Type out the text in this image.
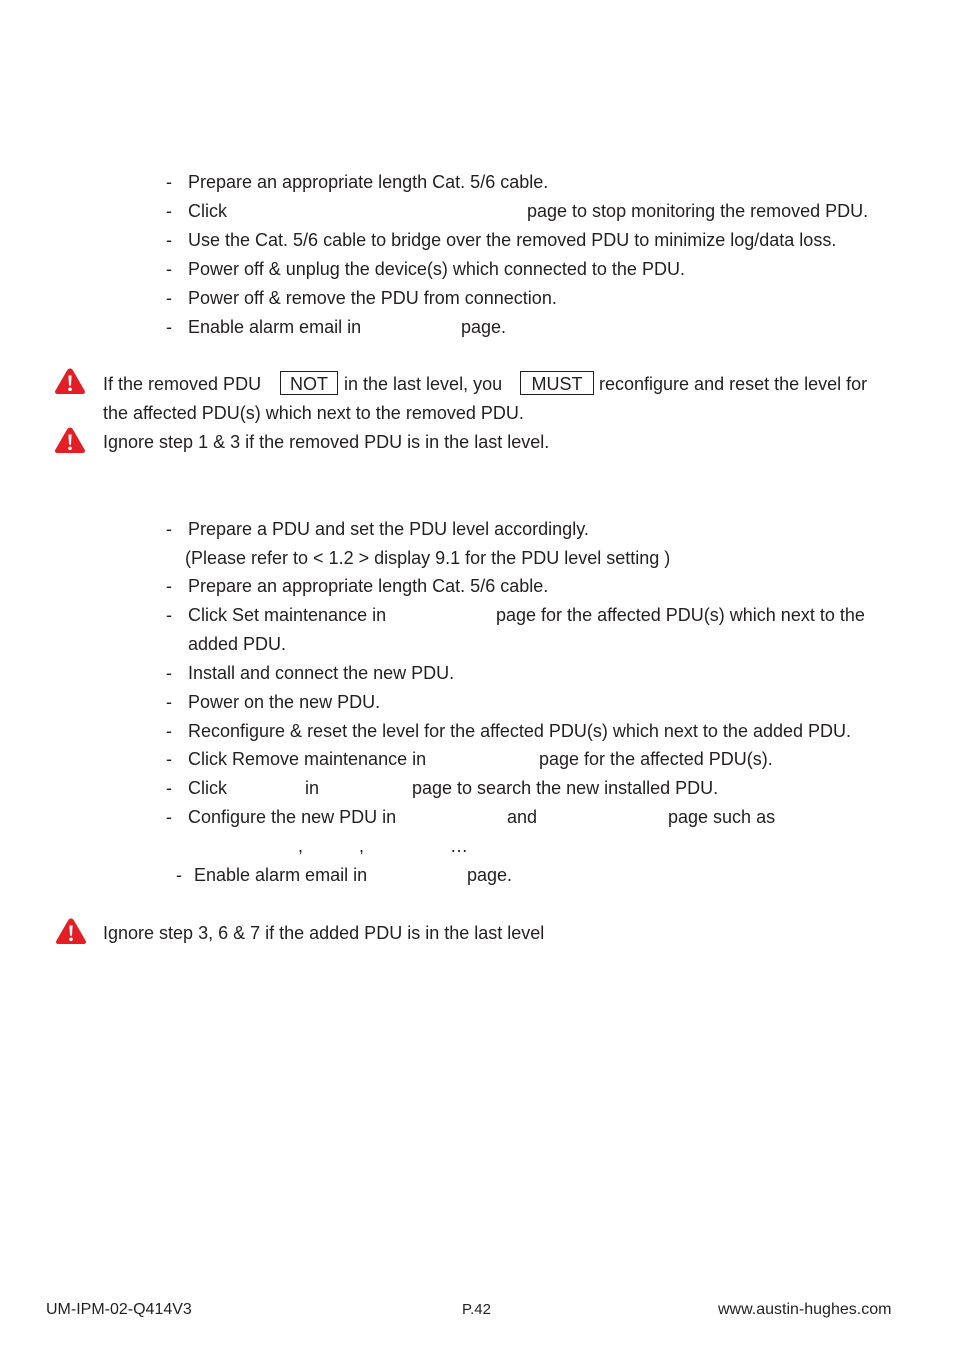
- Prepare an appropriate length Cat. 5/6 cable.
- Click	page to stop monitoring the removed PDU.
- Use the Cat. 5/6 cable to bridge over the removed PDU to minimize log/data loss.
- Power off & unplug the device(s) which connected to the PDU.
- Power off & remove the PDU from connection.
- Enable alarm email in	page.
If the removed PDU	NOT in the last level, you	MUST reconfigure and reset the level for
the affected PDU(s) which next to the removed PDU.
Ignore step 1 & 3 if the removed PDU is in the last level.
- Prepare a PDU and set the PDU level accordingly.
(Please refer to < 1.2 > display 9.1 for the PDU level setting )
- Prepare an appropriate length Cat. 5/6 cable.
- Click Set maintenance in	page for the affected PDU(s) which next to the
added PDU.
- Install and connect the new PDU.
- Power on the new PDU.
- Reconfigure & reset the level for the affected PDU(s) which next to the added PDU.
- Click Remove maintenance in	page for the affected PDU(s).
- Click	in	page to search the new installed PDU.
- Configure the new PDU in	and	page such as
,	,	…
- Enable alarm email in	page.
Ignore step 3, 6 & 7 if the added PDU is in the last level
UM-IPM-02-Q414V3	P.42	www.austin-hughes.com
